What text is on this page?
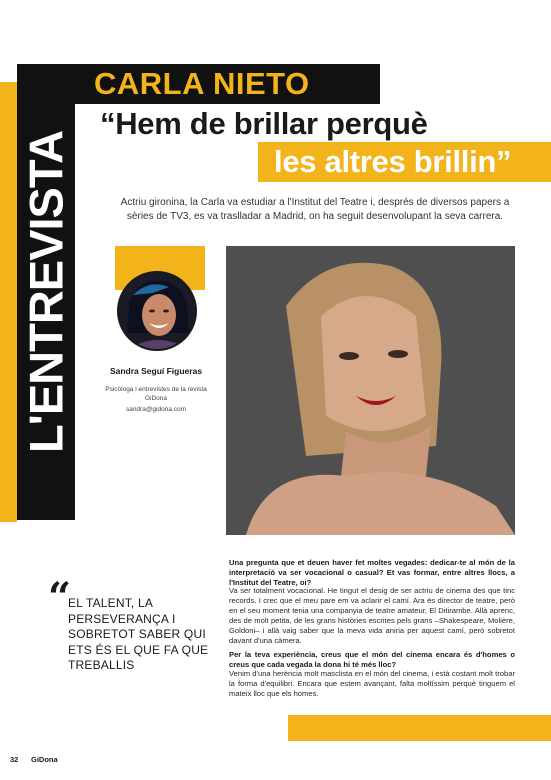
L'ENTREVISTA
CARLA NIETO
“Hem de brillar perquè
les altres brillin”
Actriu gironina, la Carla va estudiar a l'Institut del Teatre i, després de diversos papers a sèries de TV3, es va traslladar a Madrid, on ha seguit desenvolupant la seva carrera.
Sandra Seguí Figueras
Psicòloga i entrevistes de la revista GiDona
sandra@gidona.com
“
EL TALENT, LA PERSEVERANÇA I SOBRETOT SABER QUI ETS ÉS EL QUE FA QUE TREBALLIS
Una pregunta que et deuen haver fet moltes vegades: dedicar-te al món de la interpretació va ser vocacional o casual? Et vas formar, entre altres llocs, a l'Institut del Teatre, oi?
Va ser totalment vocacional. He tingut el desig de ser actriu de cinema des que tinc records. I crec que el meu pare em va aclarir el camí. Ara és director de teatre, però en el seu moment tenia una companyia de teatre amateur, El Ditirambe. Allà aprenc, des de molt petita, de les grans històries escrites pels grans –Shakespeare, Molière, Goldoni– i allà vaig saber que la meva vida aniria per aquest camí, però sobretot davant d'una càmera.
Per la teva experiència, creus que el món del cinema encara és d'homes o creus que cada vegada la dona hi té més lloc?
Venim d'una herència molt masclista en el món del cinema, i està costant molt trobar la forma d'equilibri. Encara que estem avançant, falta moltíssim perquè tinguem el mateix lloc que els homes.
32 GiDona
